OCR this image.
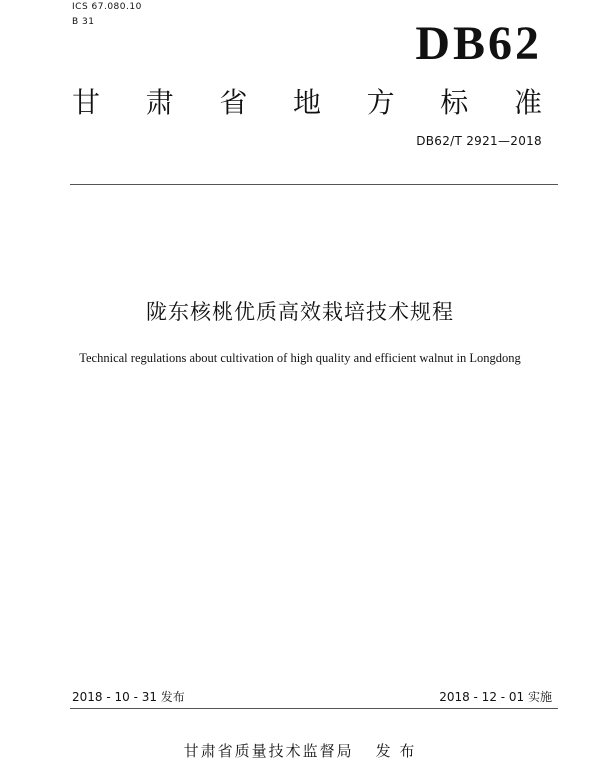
ICS 67.080.10
B 31	DB62
甘 肃 省 地 方 标 准
DB62/T 2921—2018
陇东核桃优质高效栽培技术规程
Technical regulations about cultivation of high quality and efficient walnut in Longdong
2018 - 10 - 31 发布	2018 - 12 - 01 实施
甘肃省质量技术监督局 发 布
